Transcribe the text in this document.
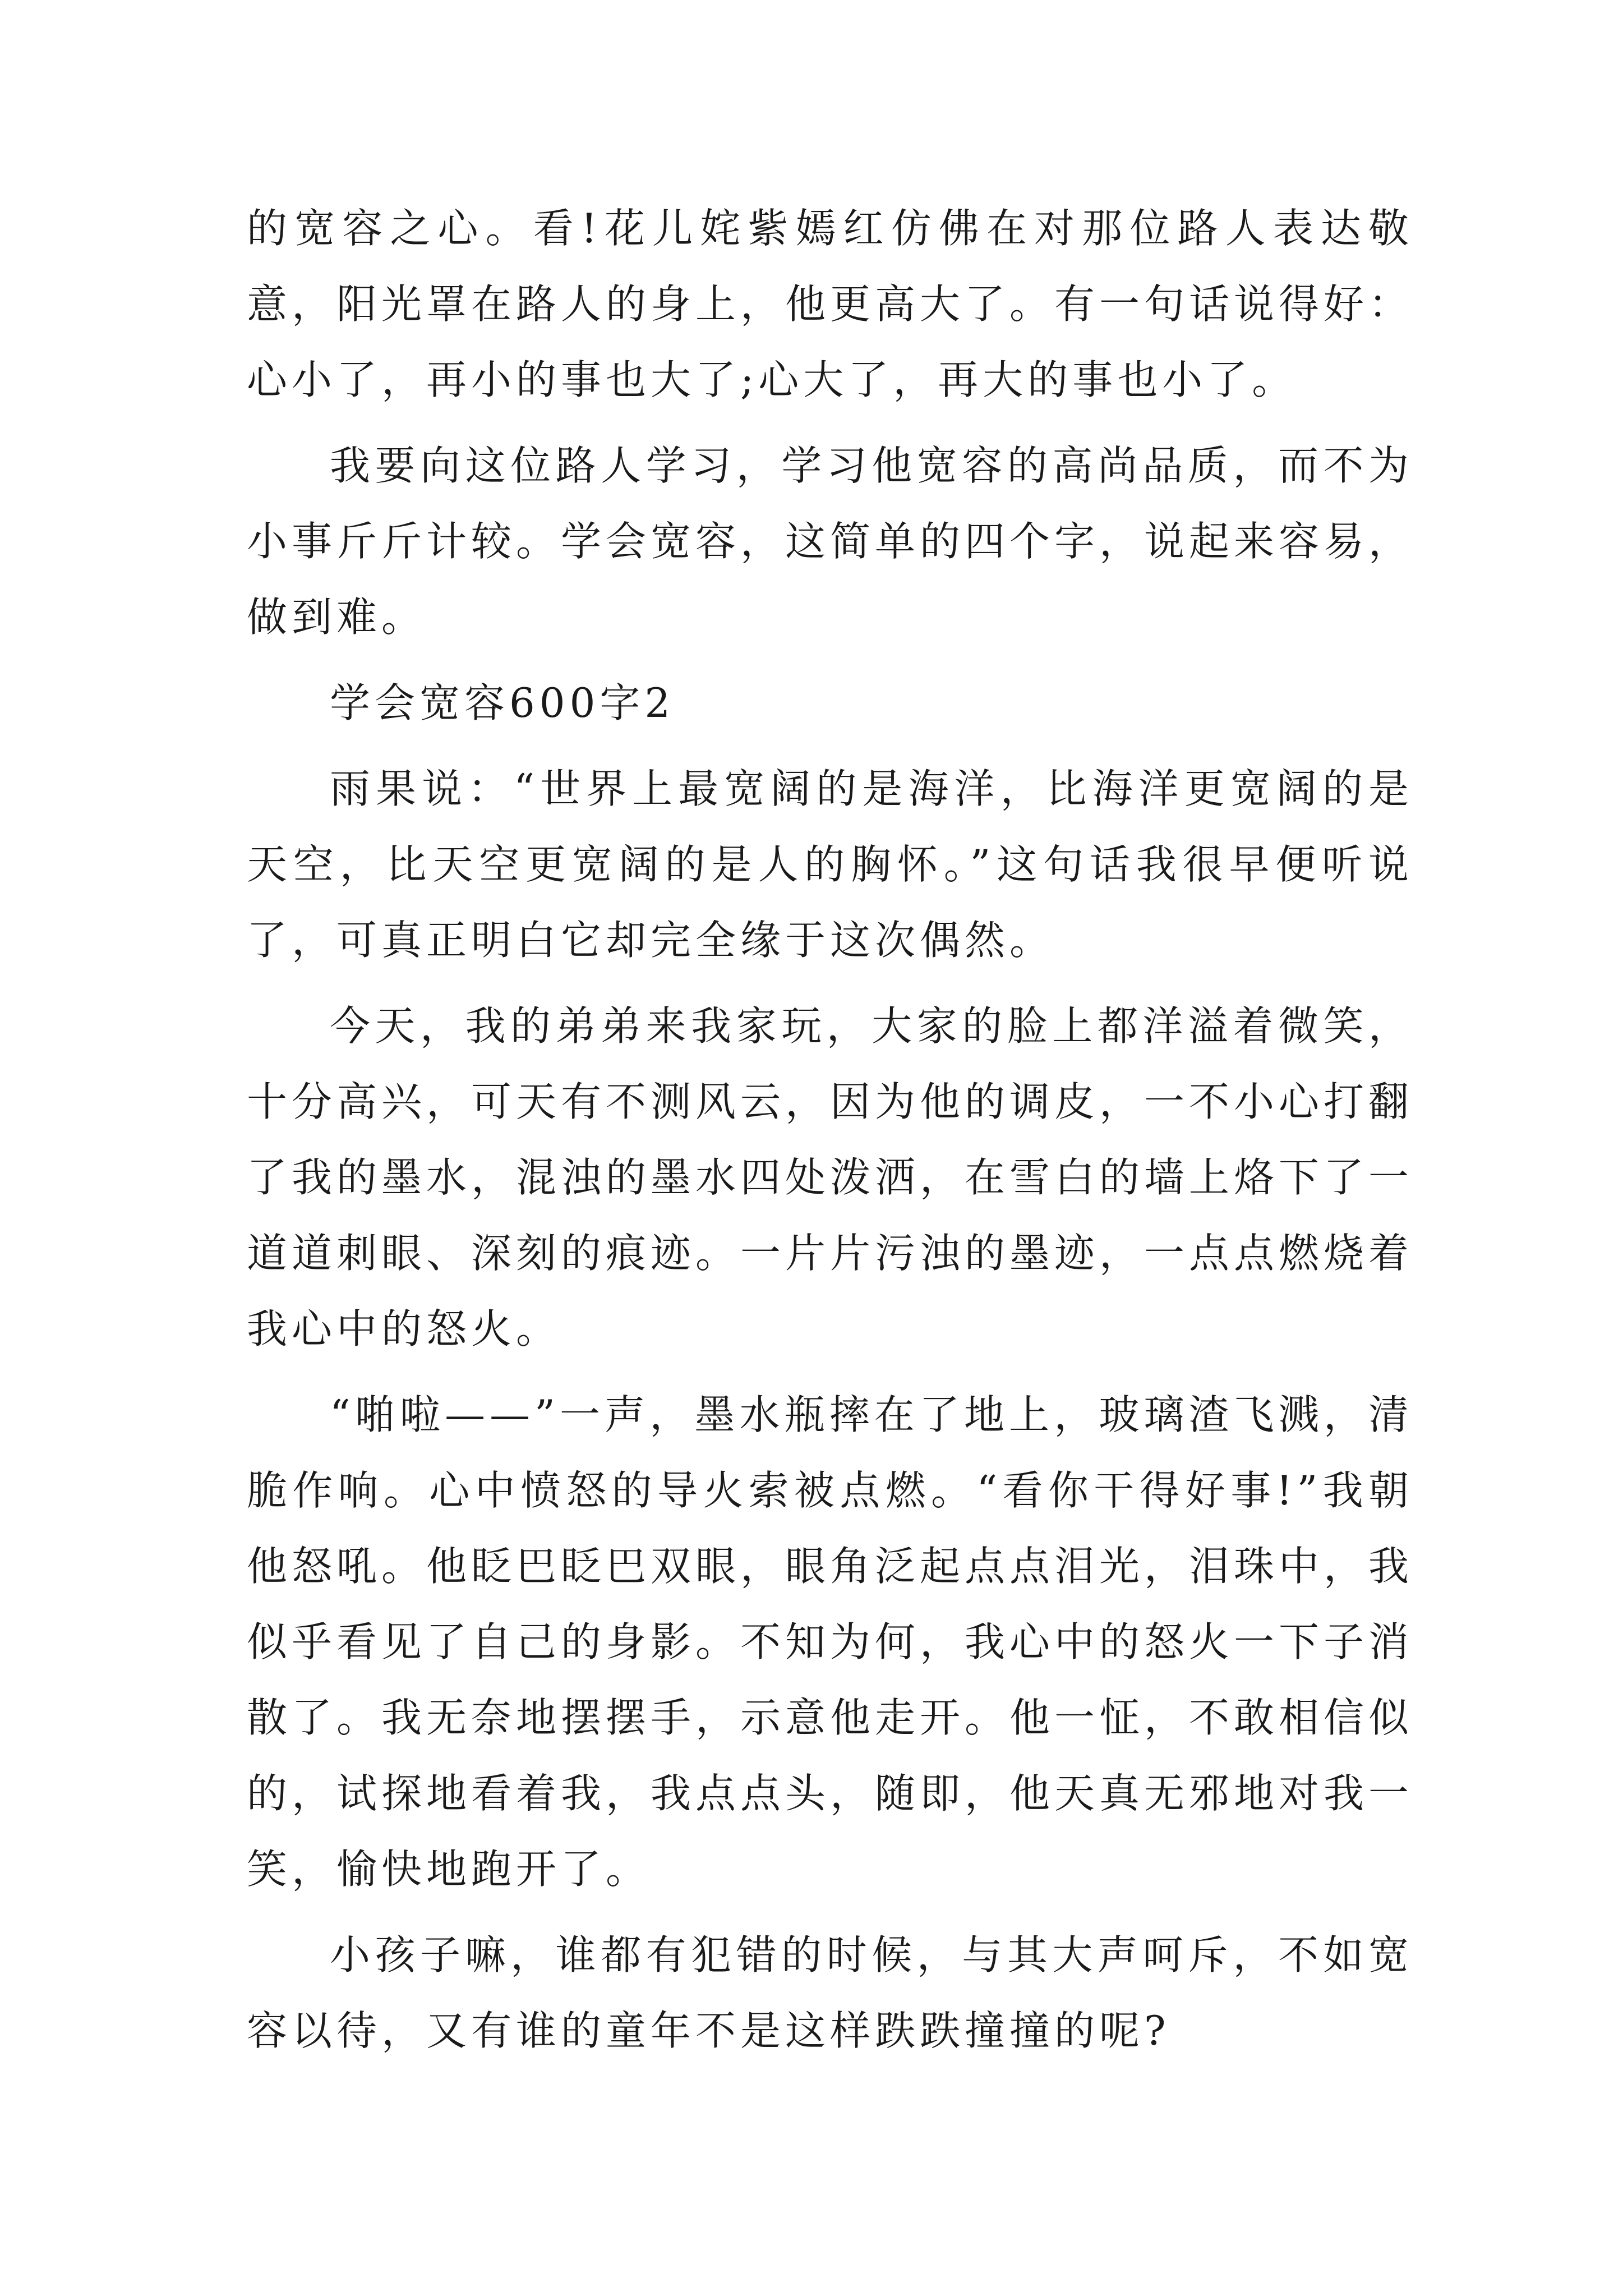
的宽容之心。看!花儿姹紫嫣红仿佛在对那位路人表达敬意，阳光罩在路人的身上，他更高大了。有一句话说得好：心小了，再小的事也大了;心大了，再大的事也小了。

我要向这位路人学习，学习他宽容的高尚品质，而不为小事斤斤计较。学会宽容，这简单的四个字，说起来容易，做到难。

学会宽容600字2

雨果说：“世界上最宽阔的是海洋，比海洋更宽阔的是天空，比天空更宽阔的是人的胸怀。”这句话我很早便听说了，可真正明白它却完全缘于这次偶然。

今天，我的弟弟来我家玩，大家的脸上都洋溢着微笑，十分高兴，可天有不测风云，因为他的调皮，一不小心打翻了我的墨水，混浊的墨水四处泼洒，在雪白的墙上烙下了一道道刺眼、深刻的痕迹。一片片污浊的墨迹，一点点燃烧着我心中的怒火。

“啪啦——”一声，墨水瓶摔在了地上，玻璃渣飞溅，清脆作响。心中愤怒的导火索被点燃。“看你干得好事!”我朝他怒吼。他眨巴眨巴双眼，眼角泛起点点泪光，泪珠中，我似乎看见了自己的身影。不知为何，我心中的怒火一下子消散了。我无奈地摆摆手，示意他走开。他一怔，不敢相信似的，试探地看着我，我点点头，随即，他天真无邪地对我一笑，愉快地跑开了。

小孩子嘛，谁都有犯错的时候，与其大声呵斥，不如宽容以待，又有谁的童年不是这样跌跌撞撞的呢?
